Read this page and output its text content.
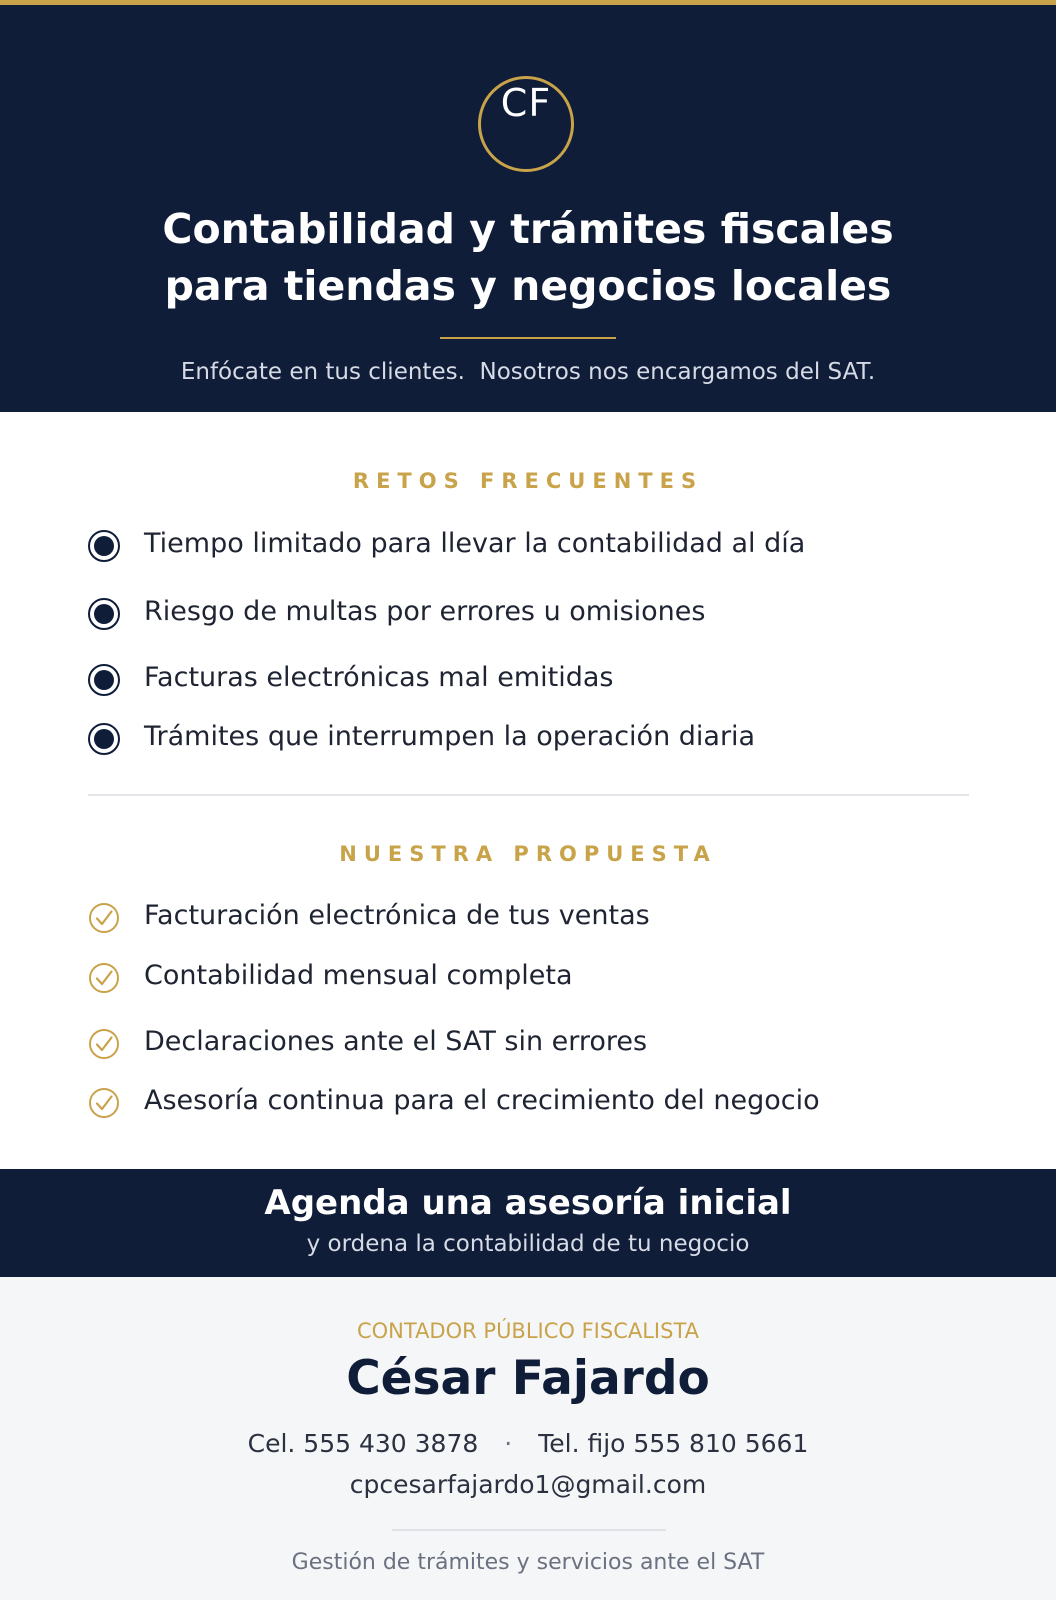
CF
Contabilidad y trámites fiscales
para tiendas y negocios locales
Enfócate en tus clientes.  Nosotros nos encargamos del SAT.
RETOS FRECUENTES
Tiempo limitado para llevar la contabilidad al día
Riesgo de multas por errores u omisiones
Facturas electrónicas mal emitidas
Trámites que interrumpen la operación diaria
NUESTRA PROPUESTA
Facturación electrónica de tus ventas
Contabilidad mensual completa
Declaraciones ante el SAT sin errores
Asesoría continua para el crecimiento del negocio
Agenda una asesoría inicial
y ordena la contabilidad de tu negocio
CONTADOR PÚBLICO FISCALISTA
César Fajardo
Cel. 555 430 3878 · Tel. fijo 555 810 5661
cpcesarfajardo1@gmail.com
Gestión de trámites y servicios ante el SAT
